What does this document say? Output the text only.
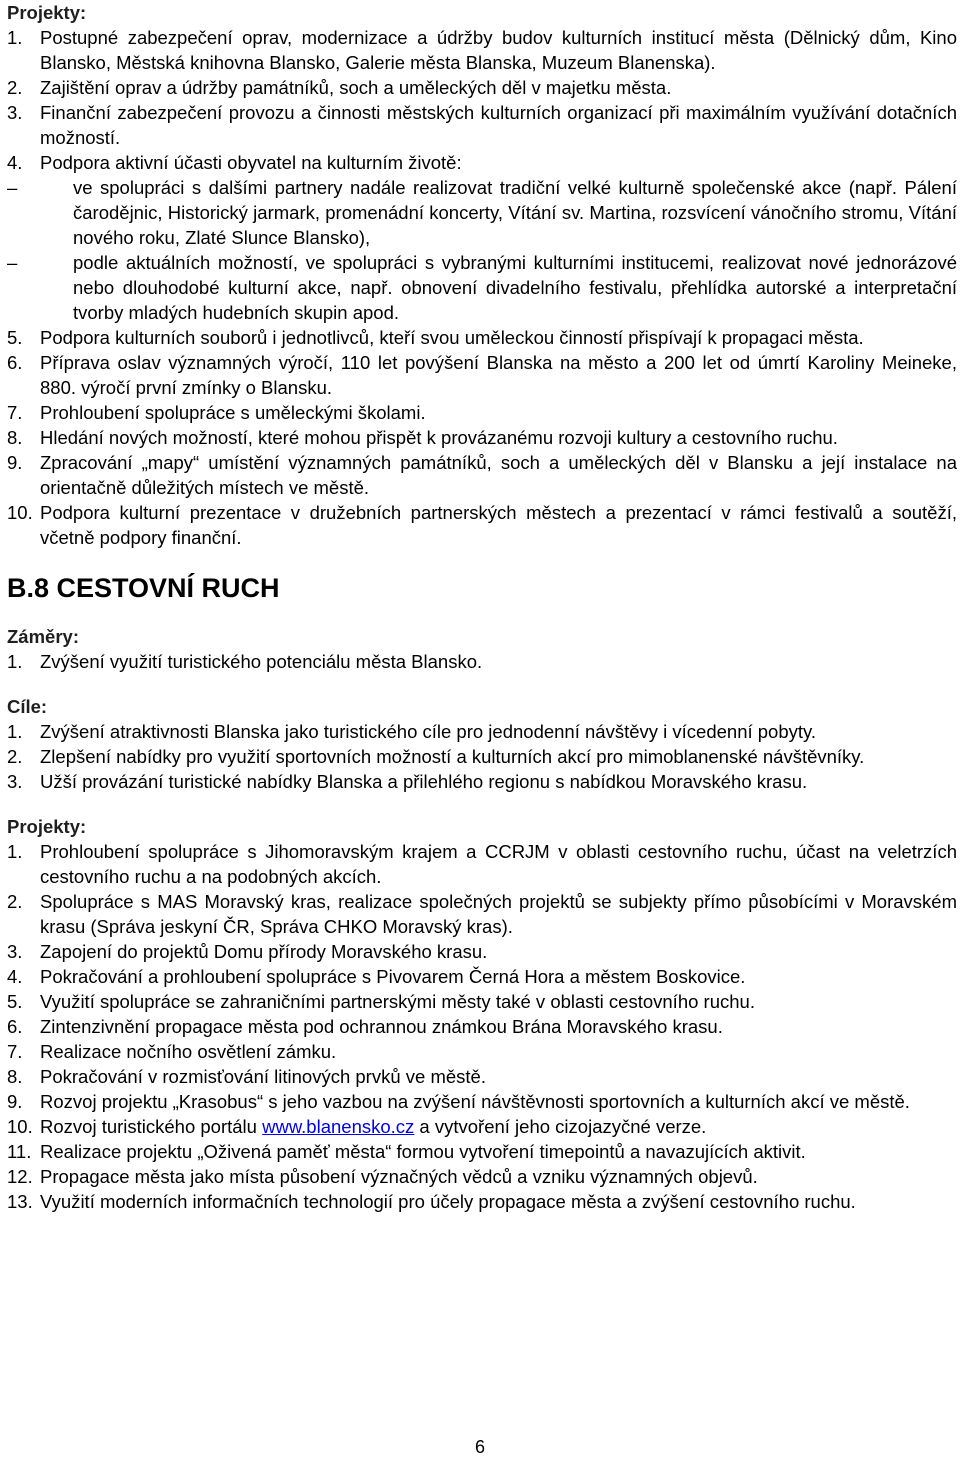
Projekty:

1. Postupné zabezpečení oprav, modernizace a údržby budov kulturních institucí města (Dělnický dům, Kino Blansko, Městská knihovna Blansko, Galerie města Blanska, Muzeum Blanenska).
2. Zajištění oprav a údržby památníků, soch a uměleckých děl v majetku města.
3. Finanční zabezpečení provozu a činnosti městských kulturních organizací při maximálním využívání dotačních možností.
4. Podpora aktivní účasti obyvatel na kulturním životě:
–	ve spolupráci s dalšími partnery nadále realizovat tradiční velké kulturně společenské akce (např. Pálení čarodějnic, Historický jarmark, promenádní koncerty, Vítání sv. Martina, rozsvícení vánočního stromu, Vítání nového roku, Zlaté Slunce Blansko),
–	podle aktuálních možností, ve spolupráci s vybranými kulturními institucemi, realizovat nové jednorázové nebo dlouhodobé kulturní akce, např. obnovení divadelního festivalu, přehlídka autorské a interpretační tvorby mladých hudebních skupin apod.
5. Podpora kulturních souborů i jednotlivců, kteří svou uměleckou činností přispívají k propagaci města.
6. Příprava oslav významných výročí, 110 let povýšení Blanska na město a 200 let od úmrtí Karoliny Meineke, 880. výročí první zmínky o Blansku.
7. Prohloubení spolupráce s uměleckými školami.
8. Hledání nových možností, které mohou přispět k provázanému rozvoji kultury a cestovního ruchu.
9. Zpracování „mapy“ umístění významných památníků, soch a uměleckých děl v Blansku a její instalace na orientačně důležitých místech ve městě.
10. Podpora kulturní prezentace v družebních partnerských městech a prezentací v rámci festivalů a soutěží, včetně podpory finanční.

B.8 CESTOVNÍ RUCH

Záměry:

1. Zvýšení využití turistického potenciálu města Blansko.

Cíle:

1. Zvýšení atraktivnosti Blanska jako turistického cíle pro jednodenní návštěvy i vícedenní pobyty.
2. Zlepšení nabídky pro využití sportovních možností a kulturních akcí pro mimoblanenské návštěvníky.
3. Užší provázání turistické nabídky Blanska a přilehlého regionu s nabídkou Moravského krasu.

Projekty:

1. Prohloubení spolupráce s Jihomoravským krajem a CCRJM v oblasti cestovního ruchu, účast na veletrzích cestovního ruchu a na podobných akcích.
2. Spolupráce s MAS Moravský kras, realizace společných projektů se subjekty přímo působícími v Moravském krasu (Správa jeskyní ČR, Správa CHKO Moravský kras).
3. Zapojení do projektů Domu přírody Moravského krasu.
4. Pokračování a prohloubení spolupráce s Pivovarem Černá Hora a městem Boskovice.
5. Využití spolupráce se zahraničními partnerskými městy také v oblasti cestovního ruchu.
6. Zintenzivnění propagace města pod ochrannou známkou Brána Moravského krasu.
7. Realizace nočního osvětlení zámku.
8. Pokračování v rozmisťování litinových prvků ve městě.
9. Rozvoj projektu „Krasobus“ s jeho vazbou na zvýšení návštěvnosti sportovních a kulturních akcí ve městě.
10. Rozvoj turistického portálu www.blanensko.cz a vytvoření jeho cizojazyčné verze.
11. Realizace projektu „Oživená paměť města“ formou vytvoření timepointů a navazujících aktivit.
12. Propagace města jako místa působení význačných vědců a vzniku významných objevů.
13. Využití moderních informačních technologií pro účely propagace města a zvýšení cestovního ruchu.
6
